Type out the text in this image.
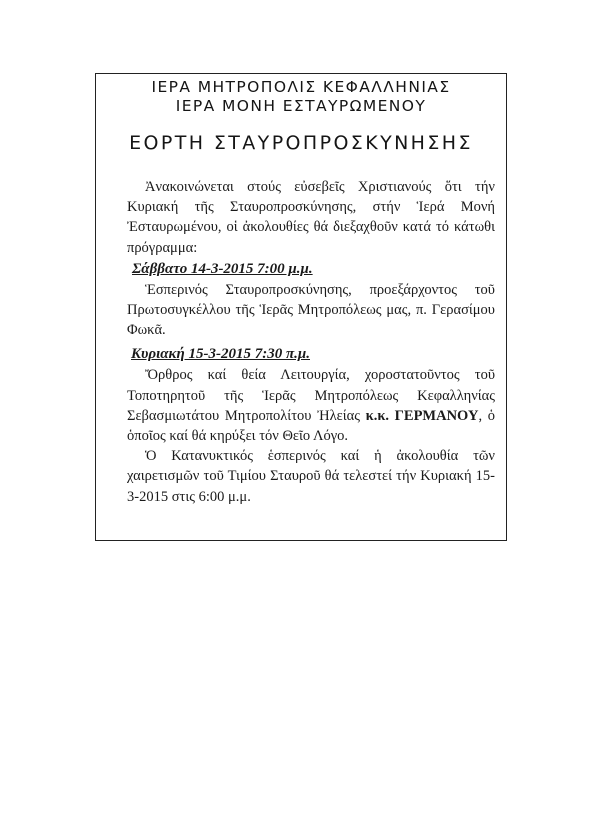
ΙΕΡΑ ΜΗΤΡΟΠΟΛΙΣ ΚΕΦΑΛΛΗΝΙΑΣ
ΙΕΡΑ ΜΟΝΗ ΕΣΤΑΥΡΩΜΕΝΟΥ
ΕΟΡΤΗ ΣΤΑΥΡΟΠΡΟΣΚΥΝΗΣΗΣ

Ἀνακοινώνεται στούς εὐσεβεῖς Χριστιανούς ὅτι τήν Κυριακή τῆς Σταυροπροσκύνησης, στήν Ἱερά Μονή Ἐσταυρωμένου, οἱ ἀκολουθίες θά διεξαχθοῦν κατά τό κάτωθι πρόγραμμα:

Σάββατο 14-3-2015 7:00 μ.μ.

Ἑσπερινός Σταυροπροσκύνησης, προεξάρχοντος τοῦ Πρωτοσυγκέλλου τῆς Ἱερᾶς Μητροπόλεως μας, π. Γερασίμου Φωκᾶ.

Κυριακή 15-3-2015 7:30 π.μ.

Ὄρθρος καί θεία Λειτουργία, χοροστατοῦντος τοῦ Τοποτηρητοῦ τῆς Ἱερᾶς Μητροπόλεως Κεφαλληνίας Σεβασμιωτάτου Μητροπολίτου Ἠλείας κ.κ. ΓΕΡΜΑΝΟΥ, ὁ ὁποῖος καί θά κηρύξει τόν Θεῖο Λόγο.

Ὁ Κατανυκτικός ἑσπερινός καί ἡ ἀκολουθία τῶν χαιρετισμῶν τοῦ Τιμίου Σταυροῦ θά τελεστεί τήν Κυριακή 15-3-2015 στις 6:00 μ.μ.
